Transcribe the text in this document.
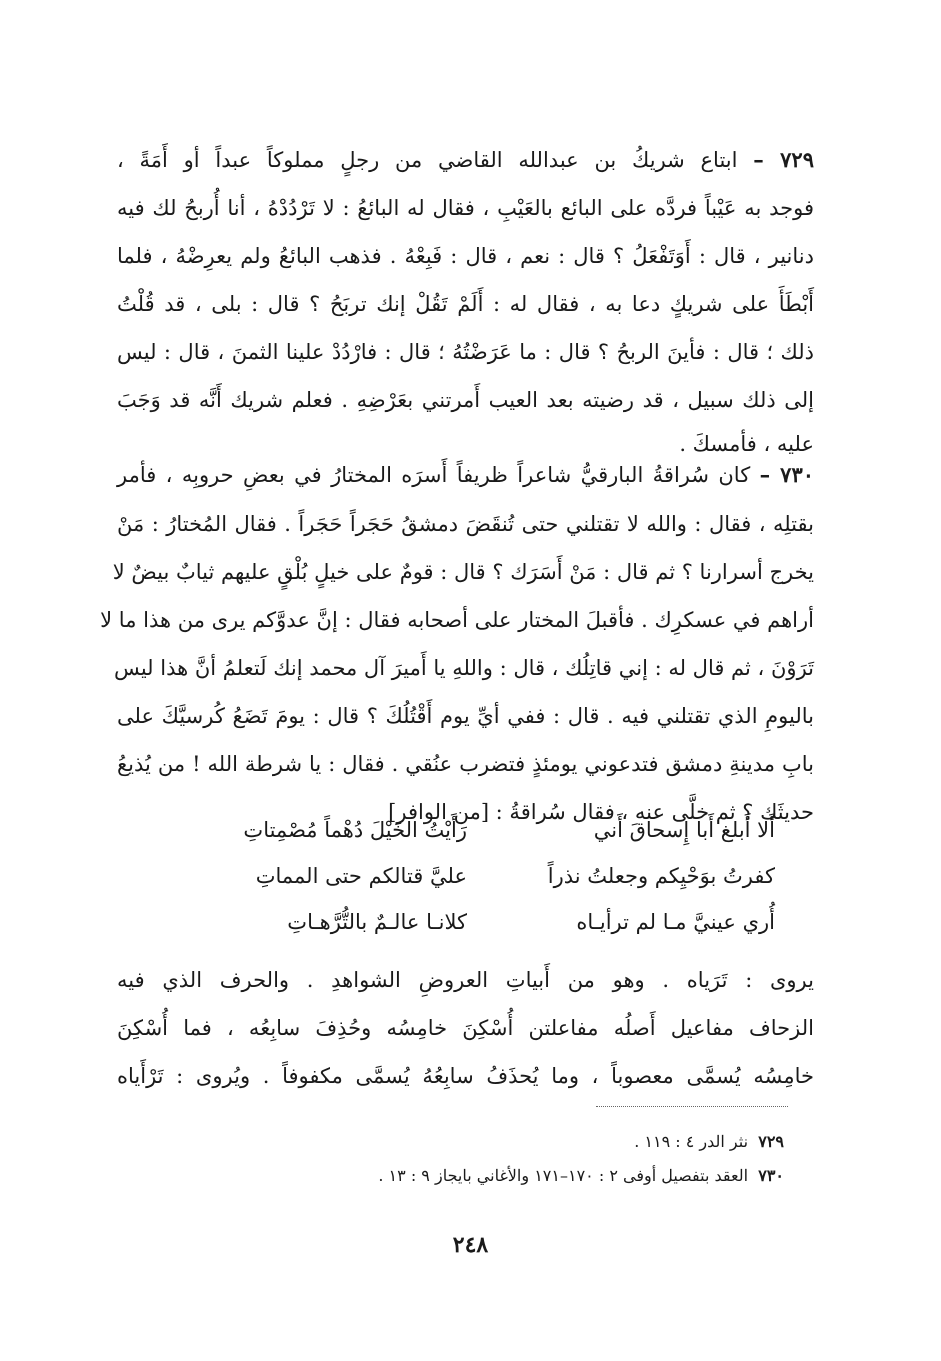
٧٢٩ – ابتاع شريكُ بن عبدالله القاضي من رجلٍ مملوكاً عبداً أو أَمَةً ،
فوجد به عَيْباً فردَّه على البائع بالعَيْبِ ، فقال له البائعُ : لا تَرْدُدْهُ ، أنا أُربحُ لك فيه
دنانير ، قال : أَوَتَفْعَلُ ؟ قال : نعم ، قال : فَبِعْهُ . فذهب البائعُ ولم يعرِضْهُ ، فلما
أَبْطَأَ على شريكٍ دعا به ، فقال له : أَلَمْ تَقُلْ إنك تربَحُ ؟ قال : بلى ، قد قُلْتُ
ذلك ؛ قال : فأينَ الربحُ ؟ قال : ما عَرَضْتُهُ ؛ قال : فارْدُدْ علينا الثمنَ ، قال : ليس
إلى ذلك سبيل ، قد رضيته بعد العيب أَمرتني بعَرْضِهِ . فعلم شريك أَنَّه قد وَجَبَ
عليه ، فأمسكَ .
٧٣٠ – كان سُراقةُ البارقيُّ شاعراً ظريفاً أَسرَه المختارُ في بعضِ حروبِه ، فأمر
بقتلِه ، فقال : والله لا تقتلني حتى تُنقَضَ دمشقُ حَجَراً حَجَراً . فقال المُختارُ : مَنْ
يخرج أسرارنا ؟ ثم قال : مَنْ أَسَرَك ؟ قال : قومٌ على خيلٍ بُلْقٍ عليهم ثيابٌ بيضٌ لا
أراهم في عسكرِك . فأقبلَ المختار على أصحابه فقال : إنَّ عدوَّكم يرى من هذا ما لا
تَرَوْنَ ، ثم قال له : إني قاتِلُك ، قال : واللهِ يا أَميرَ آل محمد إنك لَتعلمُ أنَّ هذا ليس
باليومِ الذي تقتلني فيه . قال : ففي أيِّ يوم أَقْتُلُكَ ؟ قال : يومَ تَضَعُ كُرسيَّكَ على
بابِ مدينةِ دمشق فتدعوني يومئذٍ فتضرب عنُقي . فقال : يا شرطة الله ! من يُذيعُ
حديثَك ؟ ثم خلَّى عنه ، فقال سُراقةُ : [من الوافر]
أَلا أَبلغ أَبا إِسحاقَ أَني
رَأَيْتُ الخَيْلَ دُهْماً مُصْمِتاتِ
كفرتُ بوَحْيِكم وجعلتُ نذراً
عليَّ قتالكم حتى المماتِ
أُري عينيَّ مـا لم ترأيـاه
كلانـا عالـمٌ بالتُّرَّهـاتِ
يروى : تَرَياه . وهو من أَبياتِ العروضِ الشواهدِ . والحرف الذي فيه
الزحاف مفاعيل أَصلُه مفاعلتن أُسْكِنَ خامِسُه وحُذِفَ سابِعُه ، فما أُسْكِنَ
خامِسُه يُسمَّى معصوباً ، وما يُحذَفُ سابِعُهُ يُسمَّى مكفوفاً . ويُروى : تَرْأَياه
٧٢٩  نثر الدر ٤ : ١١٩ .
٧٣٠  العقد بتفصيل أوفى ٢ : ١٧٠–١٧١ والأغاني بايجاز ٩ : ١٣ .
٢٤٨
